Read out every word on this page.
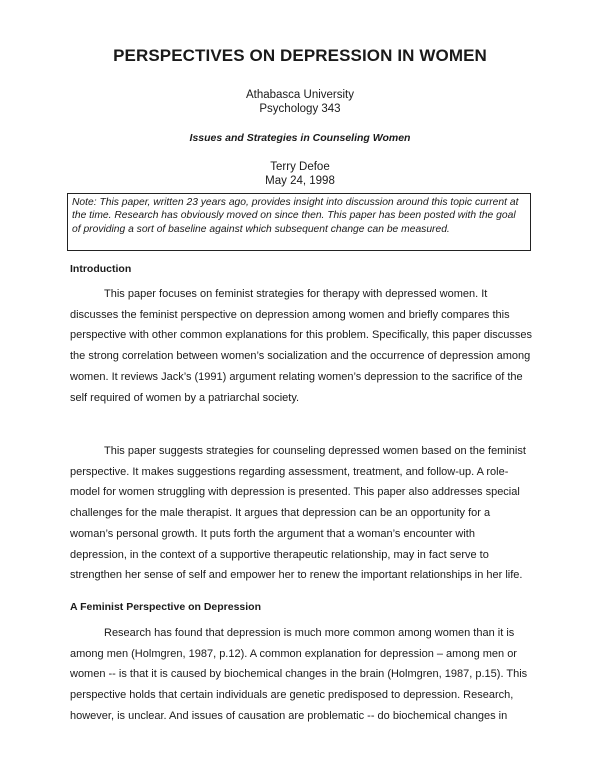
PERSPECTIVES ON DEPRESSION IN WOMEN
Athabasca University
Psychology 343
Issues and Strategies in Counseling Women
Terry Defoe
May 24, 1998
Note: This paper, written 23 years ago, provides insight into discussion around this topic current at the time. Research has obviously moved on since then. This paper has been posted with the goal of providing a sort of baseline against which subsequent change can be measured.
Introduction
This paper focuses on feminist strategies for therapy with depressed women. It discusses the feminist perspective on depression among women and briefly compares this perspective with other common explanations for this problem. Specifically, this paper discusses the strong correlation between women’s socialization and the occurrence of depression among women. It reviews Jack’s (1991) argument relating women’s depression to the sacrifice of the self required of women by a patriarchal society.
This paper suggests strategies for counseling depressed women based on the feminist perspective. It makes suggestions regarding assessment, treatment, and follow-up. A role- model for women struggling with depression is presented. This paper also addresses special challenges for the male therapist. It argues that depression can be an opportunity for a woman’s personal growth. It puts forth the argument that a woman’s encounter with depression, in the context of a supportive therapeutic relationship, may in fact serve to strengthen her sense of self and empower her to renew the important relationships in her life.
A Feminist Perspective on Depression
Research has found that depression is much more common among women than it is among men (Holmgren, 1987, p.12). A common explanation for depression – among men or women -- is that it is caused by biochemical changes in the brain (Holmgren, 1987, p.15). This perspective holds that certain individuals are genetic predisposed to depression. Research, however, is unclear. And issues of causation are problematic -- do biochemical changes in
